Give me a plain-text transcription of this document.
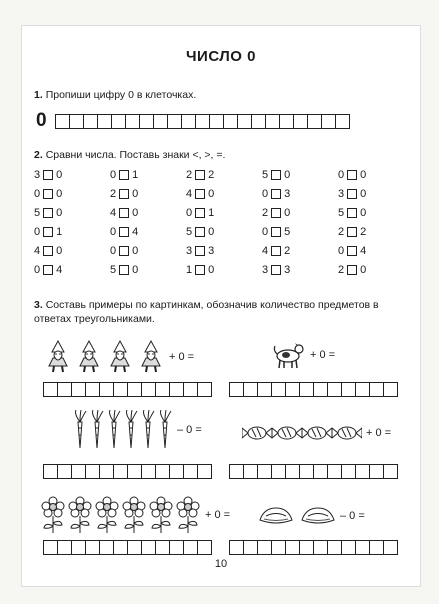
ЧИСЛО 0
1. Пропиши цифру 0 в клеточках.
0
2. Сравни числа. Поставь знаки <, >, =.
3 0	0 1	2 2	5 0	0 0
0 0	2 0	4 0	0 3	3 0
5 0	4 0	0 1	2 0	5 0
0 1	0 4	5 0	0 5	2 2
4 0	0 0	3 3	4 2	0 4
0 4	5 0	1 0	3 3	2 0
3. Составь примеры по картинкам, обозначив количество предметов в
ответах треугольниками.
+ 0 =	+ 0 =
– 0 =	+ 0 =
+ 0 =	– 0 =
10
